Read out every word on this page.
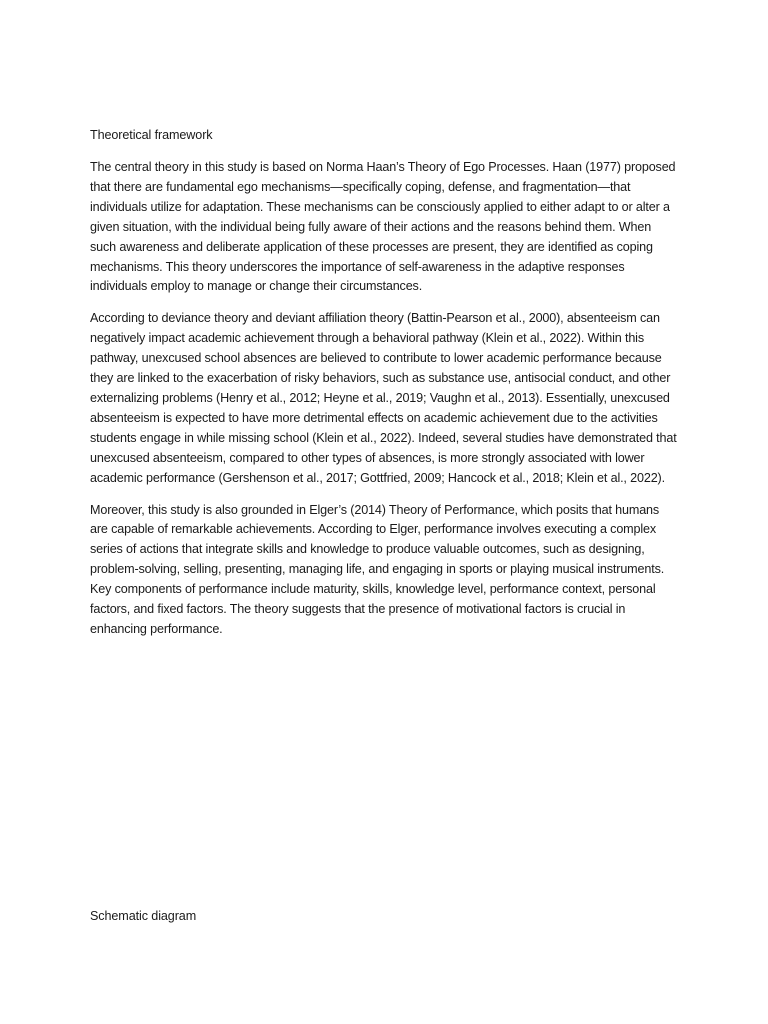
Theoretical framework

The central theory in this study is based on Norma Haan’s Theory of Ego Processes. Haan (1977) proposed that there are fundamental ego mechanisms—specifically coping, defense, and fragmentation—that individuals utilize for adaptation. These mechanisms can be consciously applied to either adapt to or alter a given situation, with the individual being fully aware of their actions and the reasons behind them. When such awareness and deliberate application of these processes are present, they are identified as coping mechanisms. This theory underscores the importance of self-awareness in the adaptive responses individuals employ to manage or change their circumstances.

According to deviance theory and deviant affiliation theory (Battin-Pearson et al., 2000), absenteeism can negatively impact academic achievement through a behavioral pathway (Klein et al., 2022). Within this pathway, unexcused school absences are believed to contribute to lower academic performance because they are linked to the exacerbation of risky behaviors, such as substance use, antisocial conduct, and other externalizing problems (Henry et al., 2012; Heyne et al., 2019; Vaughn et al., 2013). Essentially, unexcused absenteeism is expected to have more detrimental effects on academic achievement due to the activities students engage in while missing school (Klein et al., 2022). Indeed, several studies have demonstrated that unexcused absenteeism, compared to other types of absences, is more strongly associated with lower academic performance (Gershenson et al., 2017; Gottfried, 2009; Hancock et al., 2018; Klein et al., 2022).

Moreover, this study is also grounded in Elger’s (2014) Theory of Performance, which posits that humans are capable of remarkable achievements. According to Elger, performance involves executing a complex series of actions that integrate skills and knowledge to produce valuable outcomes, such as designing, problem-solving, selling, presenting, managing life, and engaging in sports or playing musical instruments. Key components of performance include maturity, skills, knowledge level, performance context, personal factors, and fixed factors. The theory suggests that the presence of motivational factors is crucial in enhancing performance.

Schematic diagram
